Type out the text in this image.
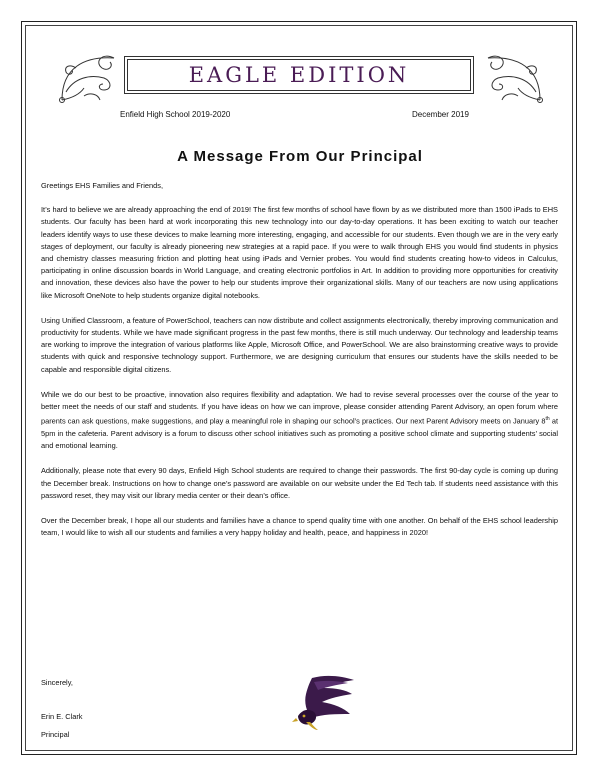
EAGLE EDITION
Enfield High School 2019-2020	December 2019
A Message From Our Principal

Greetings EHS Families and Friends,

It’s hard to believe we are already approaching the end of 2019! The first few months of school have flown by as we distributed more than 1500 iPads to EHS students. Our faculty has been hard at work incorporating this new technology into our day-to-day operations. It has been exciting to watch our teacher leaders identify ways to use these devices to make learning more interesting, engaging, and accessible for our students. Even though we are in the very early stages of deployment, our faculty is already pioneering new strategies at a rapid pace. If you were to walk through EHS you would find students in physics and chemistry classes measuring friction and plotting heat using iPads and Vernier probes. You would find students creating how-to videos in Calculus, participating in online discussion boards in World Language, and creating electronic portfolios in Art. In addition to providing more opportunities for creativity and innovation, these devices also have the power to help our students improve their organizational skills. Many of our teachers are now using applications like Microsoft OneNote to help students organize digital notebooks.

Using Unified Classroom, a feature of PowerSchool, teachers can now distribute and collect assignments electronically, thereby improving communication and productivity for students. While we have made significant progress in the past few months, there is still much underway. Our technology and leadership teams are working to improve the integration of various platforms like Apple, Microsoft Office, and PowerSchool. We are also brainstorming creative ways to provide students with quick and responsive technology support. Furthermore, we are designing curriculum that ensures our students have the skills needed to be capable and responsible digital citizens.

While we do our best to be proactive, innovation also requires flexibility and adaptation. We had to revise several processes over the course of the year to better meet the needs of our staff and students. If you have ideas on how we can improve, please consider attending Parent Advisory, an open forum where parents can ask questions, make suggestions, and play a meaningful role in shaping our school’s practices. Our next Parent Advisory meets on January 8th at 5pm in the cafeteria. Parent advisory is a forum to discuss other school initiatives such as promoting a positive school climate and supporting students’ social and emotional learning.

Additionally, please note that every 90 days, Enfield High School students are required to change their passwords. The first 90-day cycle is coming up during the December break. Instructions on how to change one’s password are available on our website under the Ed Tech tab. If students need assistance with this password reset, they may visit our library media center or their dean’s office.

Over the December break, I hope all our students and families have a chance to spend quality time with one another. On behalf of the EHS school leadership team, I would like to wish all our students and families a very happy holiday and health, peace, and happiness in 2020!

Sincerely,
Erin E. Clark
Principal
